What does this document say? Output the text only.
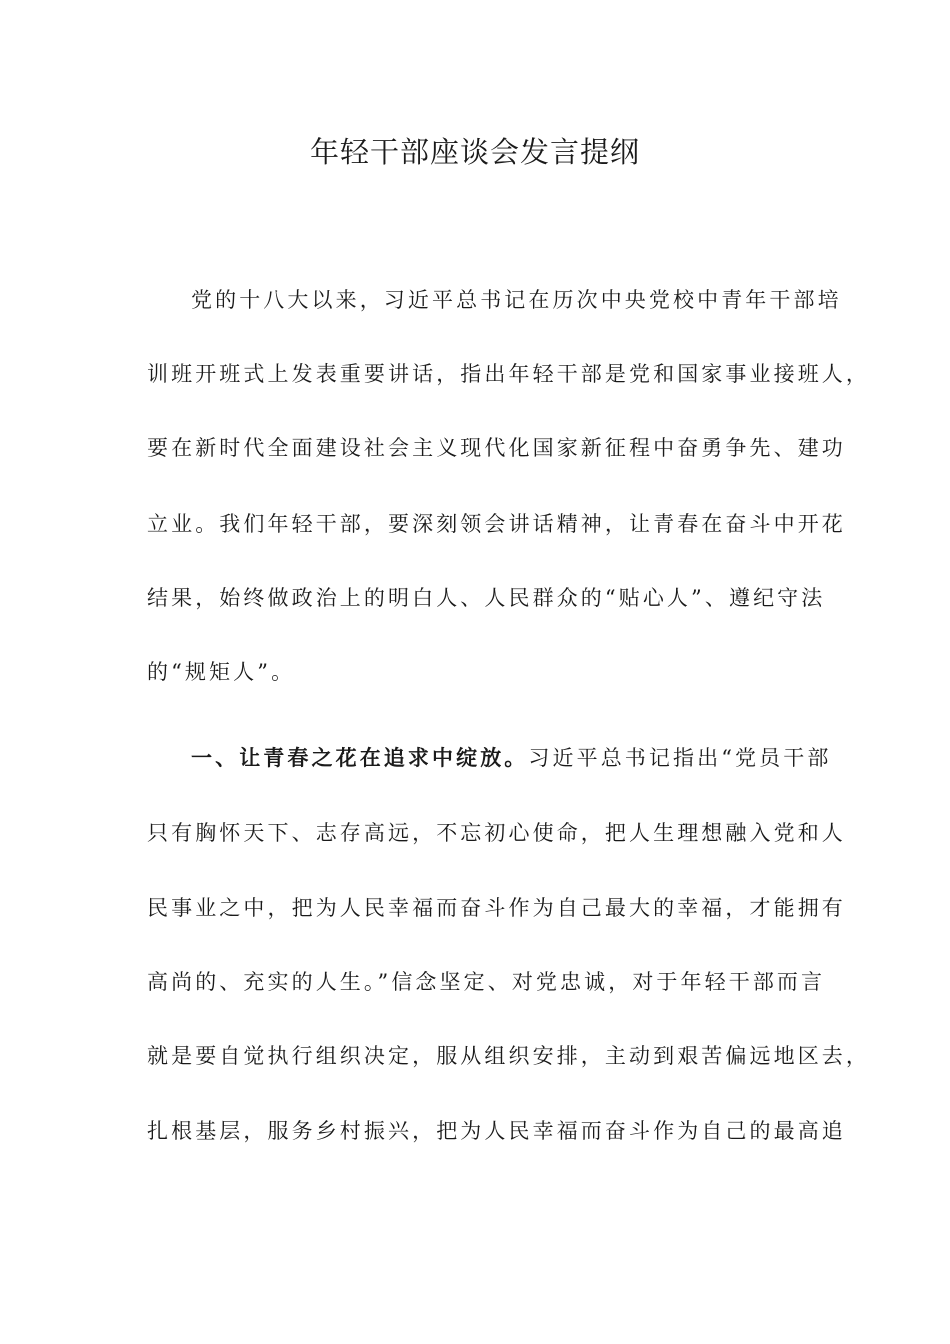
年轻干部座谈会发言提纲
党的十八大以来，习近平总书记在历次中央党校中青年干部培
训班开班式上发表重要讲话，指出年轻干部是党和国家事业接班人，
要在新时代全面建设社会主义现代化国家新征程中奋勇争先、建功
立业。我们年轻干部，要深刻领会讲话精神，让青春在奋斗中开花
结果，始终做政治上的明白人、人民群众的“贴心人”、遵纪守法
的“规矩人”。
一、让青春之花在追求中绽放。习近平总书记指出“党员干部
只有胸怀天下、志存高远，不忘初心使命，把人生理想融入党和人
民事业之中，把为人民幸福而奋斗作为自己最大的幸福，才能拥有
高尚的、充实的人生。”信念坚定、对党忠诚，对于年轻干部而言
就是要自觉执行组织决定，服从组织安排，主动到艰苦偏远地区去，
扎根基层，服务乡村振兴，把为人民幸福而奋斗作为自己的最高追
